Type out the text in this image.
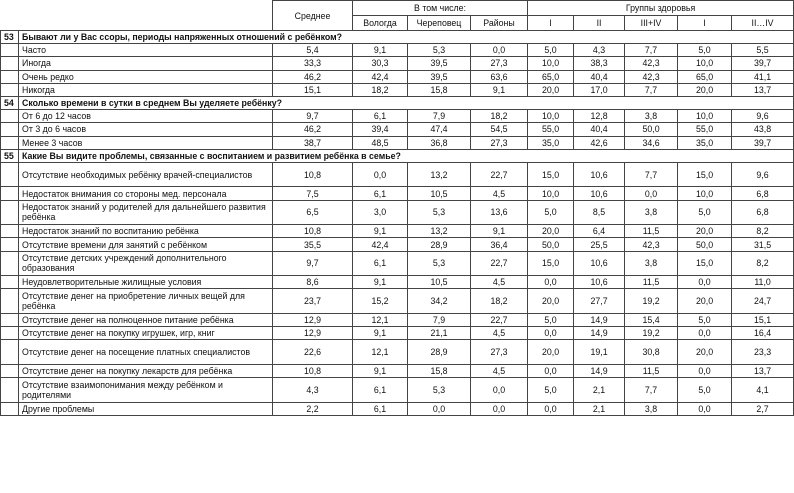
		Среднее	В том числе:			Группы здоровья				
			Вологда	Череповец	Районы	I	II	III+IV	I	II…IV
53	Бывают ли у Вас ссоры, периоды напряженных отношений с ребёнком?									
	Часто	5,4	9,1	5,3	0,0	5,0	4,3	7,7	5,0	5,5
	Иногда	33,3	30,3	39,5	27,3	10,0	38,3	42,3	10,0	39,7
	Очень редко	46,2	42,4	39,5	63,6	65,0	40,4	42,3	65,0	41,1
	Никогда	15,1	18,2	15,8	9,1	20,0	17,0	7,7	20,0	13,7
54	Сколько времени в сутки в среднем Вы уделяете ребёнку?									
	От 6 до 12 часов	9,7	6,1	7,9	18,2	10,0	12,8	3,8	10,0	9,6
	От 3 до 6 часов	46,2	39,4	47,4	54,5	55,0	40,4	50,0	55,0	43,8
	Менее 3 часов	38,7	48,5	36,8	27,3	35,0	42,6	34,6	35,0	39,7
55	Какие Вы видите проблемы, связанные с воспитанием и развитием ребёнка в семье?									
	Отсутствие необходимых ребёнку врачей-специалистов	10,8	0,0	13,2	22,7	15,0	10,6	7,7	15,0	9,6
	Недостаток внимания со стороны мед. персонала	7,5	6,1	10,5	4,5	10,0	10,6	0,0	10,0	6,8
	Недостаток знаний у родителей для дальнейшего развития ребёнка	6,5	3,0	5,3	13,6	5,0	8,5	3,8	5,0	6,8
	Недостаток знаний по воспитанию ребёнка	10,8	9,1	13,2	9,1	20,0	6,4	11,5	20,0	8,2
	Отсутствие времени для занятий с ребёнком	35,5	42,4	28,9	36,4	50,0	25,5	42,3	50,0	31,5
	Отсутствие детских учреждений дополнительного образования	9,7	6,1	5,3	22,7	15,0	10,6	3,8	15,0	8,2
	Неудовлетворительные жилищные условия	8,6	9,1	10,5	4,5	0,0	10,6	11,5	0,0	11,0
	Отсутствие денег на приобретение личных вещей для ребёнка	23,7	15,2	34,2	18,2	20,0	27,7	19,2	20,0	24,7
	Отсутствие денег на полноценное питание ребёнка	12,9	12,1	7,9	22,7	5,0	14,9	15,4	5,0	15,1
	Отсутствие денег на покупку игрушек, игр, книг	12,9	9,1	21,1	4,5	0,0	14,9	19,2	0,0	16,4
	Отсутствие денег на посещение платных специалистов	22,6	12,1	28,9	27,3	20,0	19,1	30,8	20,0	23,3
	Отсутствие денег на покупку лекарств для ребёнка	10,8	9,1	15,8	4,5	0,0	14,9	11,5	0,0	13,7
	Отсутствие взаимопонимания между ребёнком и родителями	4,3	6,1	5,3	0,0	5,0	2,1	7,7	5,0	4,1
	Другие проблемы	2,2	6,1	0,0	0,0	0,0	2,1	3,8	0,0	2,7
